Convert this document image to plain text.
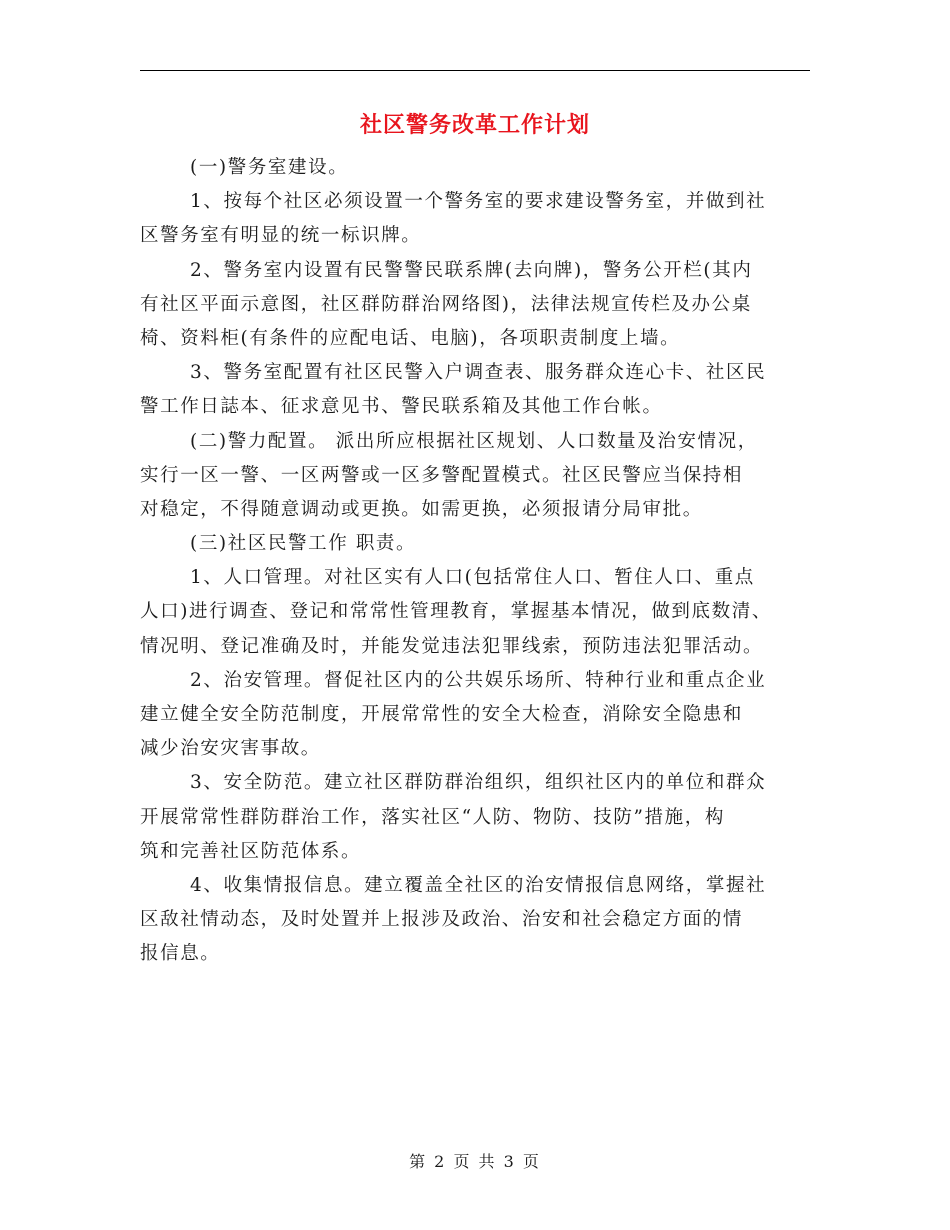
社区警务改革工作计划
(一)警务室建设。
1、按每个社区必须设置一个警务室的要求建设警务室，并做到社
区警务室有明显的统一标识牌。
2、警务室内设置有民警警民联系牌(去向牌)，警务公开栏(其内
有社区平面示意图，社区群防群治网络图)，法律法规宣传栏及办公桌
椅、资料柜(有条件的应配电话、电脑)，各项职责制度上墙。
3、警务室配置有社区民警入户调查表、服务群众连心卡、社区民
警工作日誌本、征求意见书、警民联系箱及其他工作台帐。
(二)警力配置。 派出所应根据社区规划、人口数量及治安情况，
实行一区一警、一区两警或一区多警配置模式。社区民警应当保持相
对稳定，不得随意调动或更换。如需更换，必须报请分局审批。
(三)社区民警工作 职责。
1、人口管理。对社区实有人口(包括常住人口、暂住人口、重点
人口)进行调查、登记和常常性管理教育，掌握基本情况，做到底数清、
情况明、登记准确及时，并能发觉违法犯罪线索，预防违法犯罪活动。
2、治安管理。督促社区内的公共娱乐场所、特种行业和重点企业
建立健全安全防范制度，开展常常性的安全大检查，消除安全隐患和
减少治安灾害事故。
3、安全防范。建立社区群防群治组织，组织社区内的单位和群众
开展常常性群防群治工作，落实社区“人防、物防、技防”措施，构
筑和完善社区防范体系。
4、收集情报信息。建立覆盖全社区的治安情报信息网络，掌握社
区敌社情动态，及时处置并上报涉及政治、治安和社会稳定方面的情
报信息。
第 2 页 共 3 页
